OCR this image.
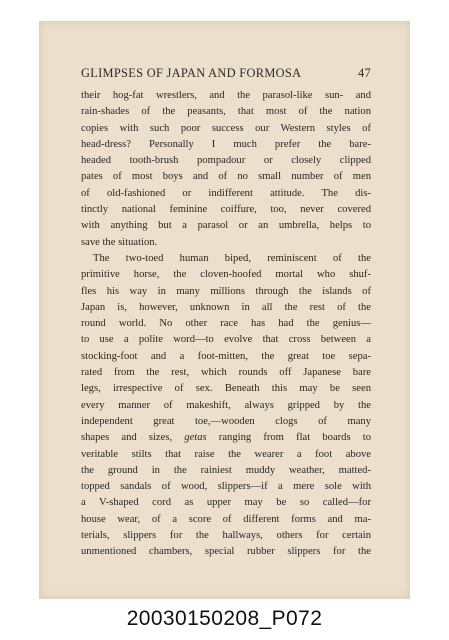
GLIMPSES OF JAPAN AND FORMOSA	47
their hog-fat wrestlers, and the parasol-like sun- and
rain-shades of the peasants, that most of the nation
copies with such poor success our Western styles of
head-dress? Personally I much prefer the bare-
headed tooth-brush pompadour or closely clipped
pates of most boys and of no small number of men
of old-fashioned or indifferent attitude. The dis-
tinctly national feminine coiffure, too, never covered
with anything but a parasol or an umbrella, helps to
save the situation.
The two-toed human biped, reminiscent of the
primitive horse, the cloven-hoofed mortal who shuf-
fles his way in many millions through the islands of
Japan is, however, unknown in all the rest of the
round world. No other race has had the genius—
to use a polite word—to evolve that cross between a
stocking-foot and a foot-mitten, the great toe sepa-
rated from the rest, which rounds off Japanese bare
legs, irrespective of sex. Beneath this may be seen
every manner of makeshift, always gripped by the
independent great toe,—wooden clogs of many
shapes and sizes, getas ranging from flat boards to
veritable stilts that raise the wearer a foot above
the ground in the rainiest muddy weather, matted-
topped sandals of wood, slippers—if a mere sole with
a V-shaped cord as upper may be so called—for
house wear, of a score of different forms and ma-
terials, slippers for the hallways, others for certain
unmentioned chambers, special rubber slippers for the
20030150208_P072
